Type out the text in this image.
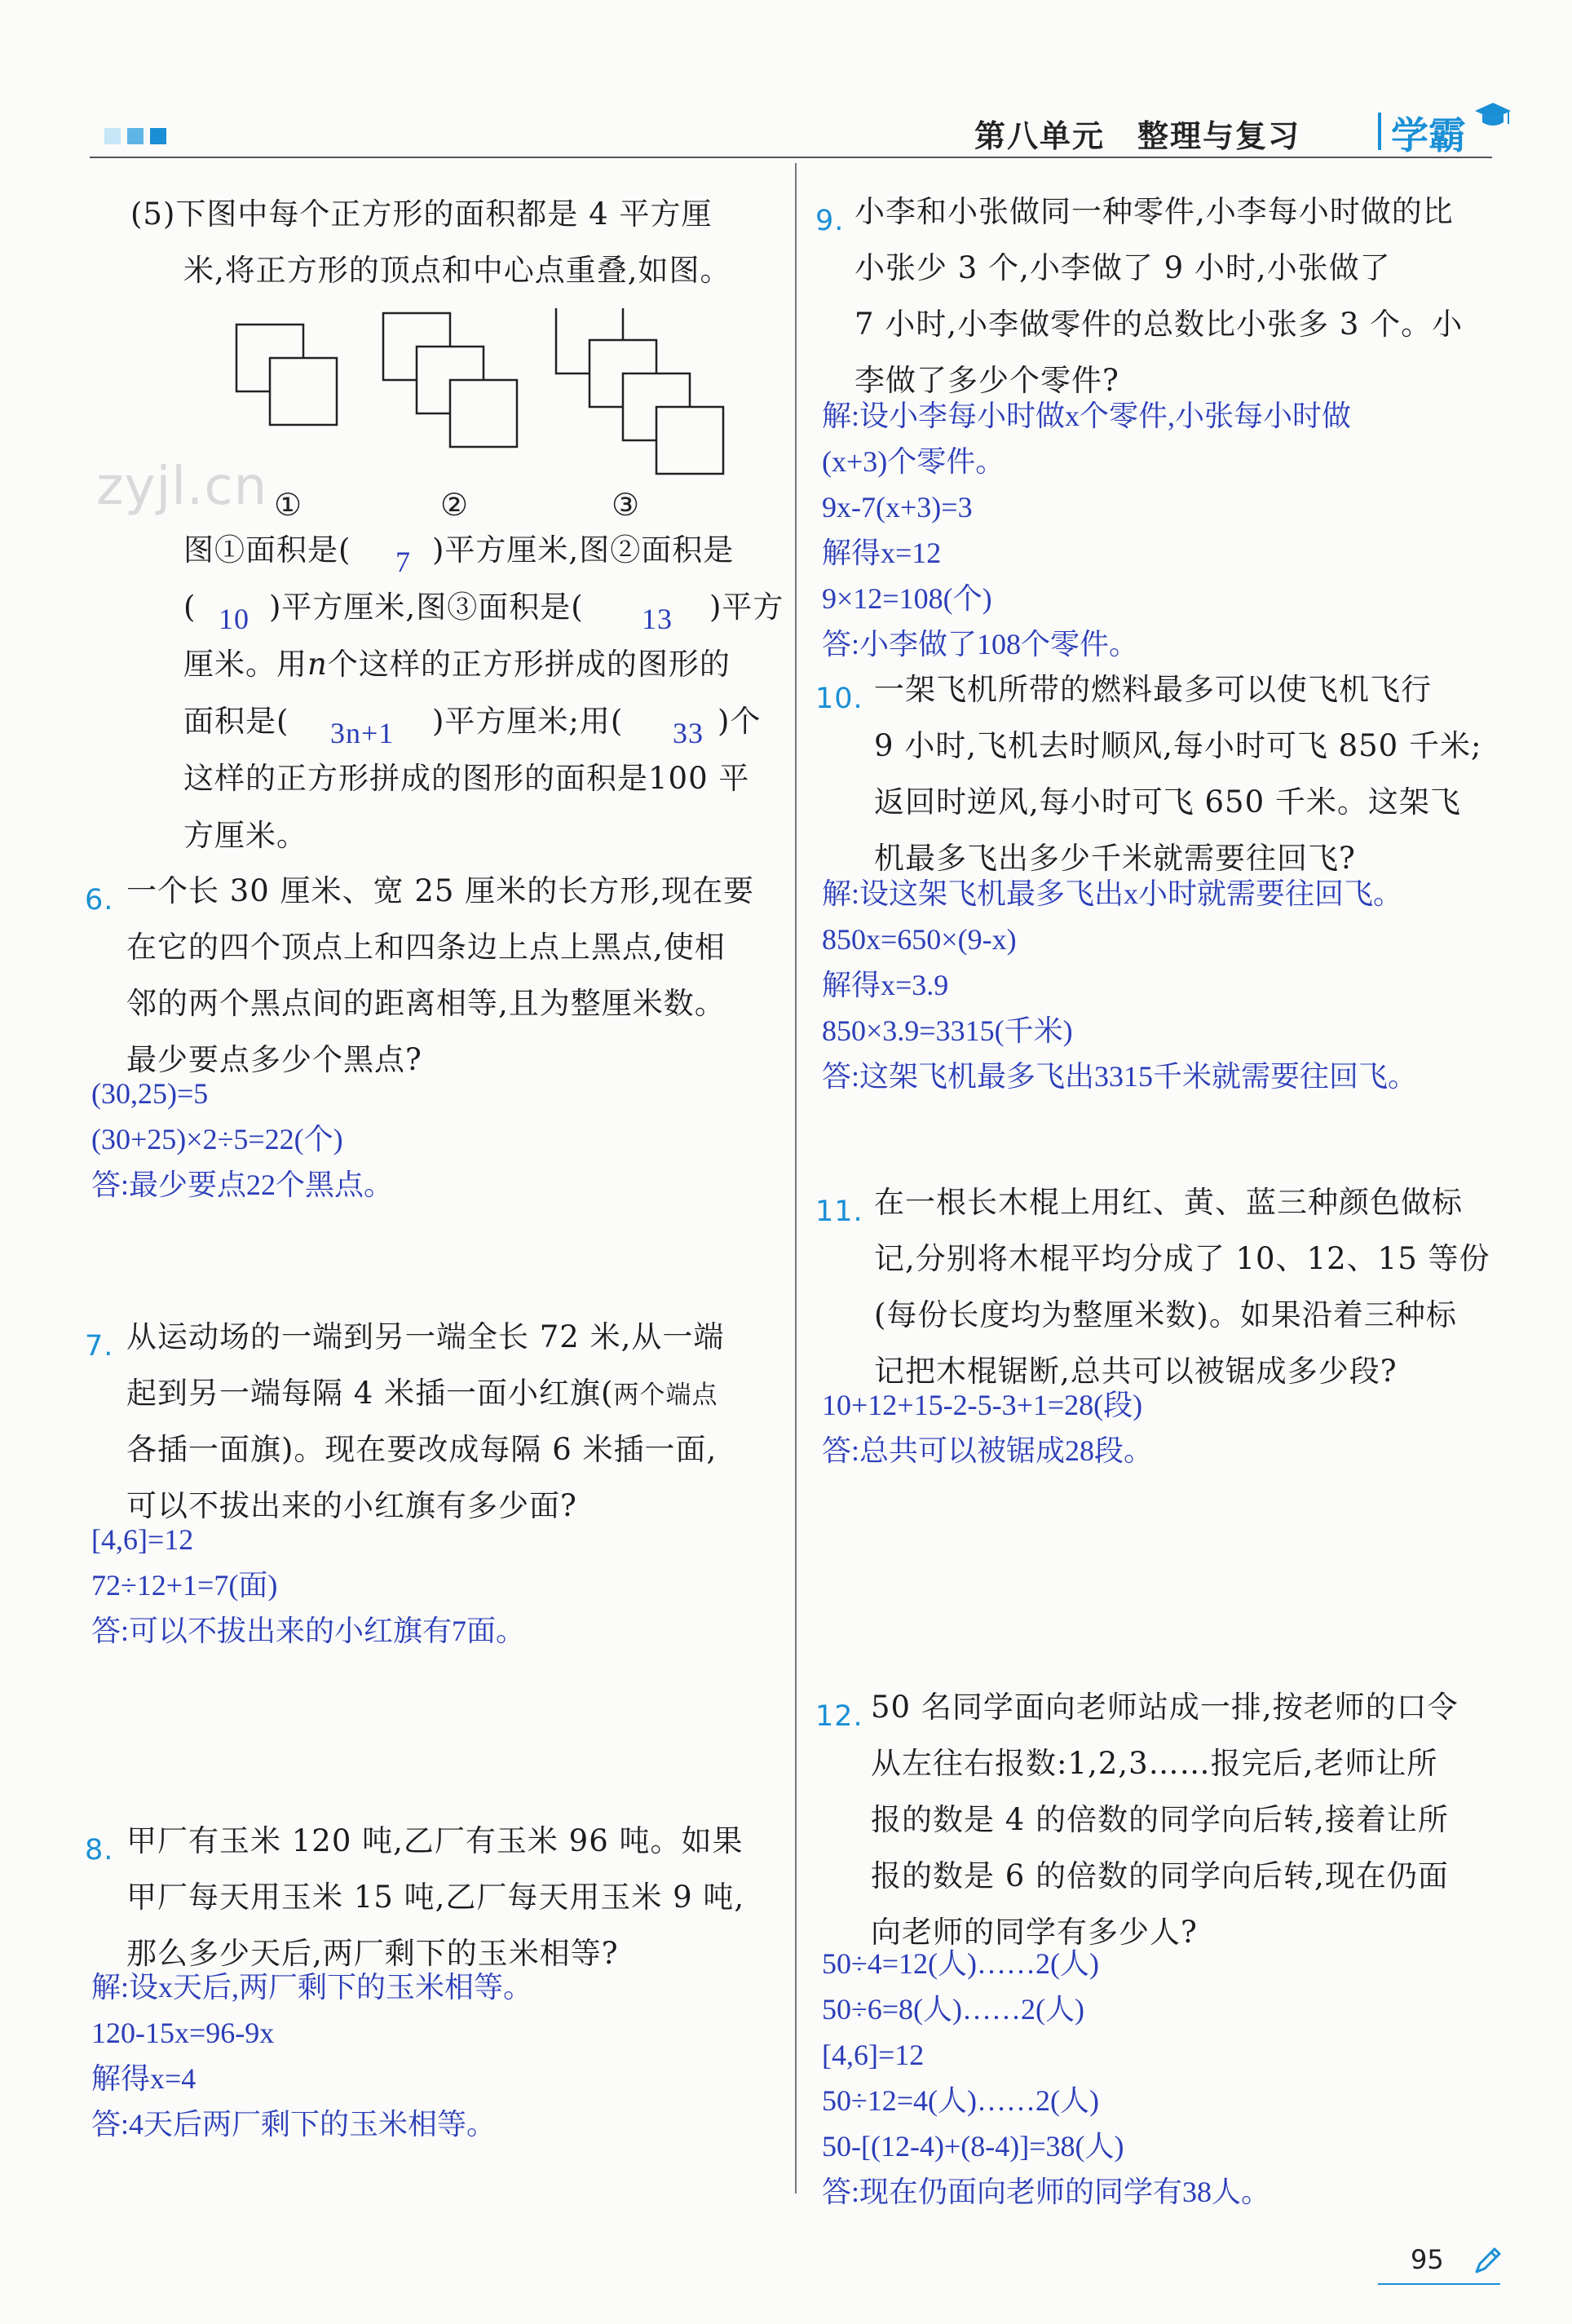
第八单元 整理与复习 学霸
zyjl.cn
(5)下图中每个正方形的面积都是 4 平方厘
米,将正方形的顶点和中心点重叠,如图。
①	②	③
图①面积是(	)平方厘米,图②面积是
( )平方厘米,图③面积是(	)平方
厘米。用n个这样的正方形拼成的图形的
面积是(	)平方厘米;用(	)个
这样的正方形拼成的图形的面积是100 平
方厘米。
7
10	13
3n+1	33
6. 一个长 30 厘米、宽 25 厘米的长方形,现在要
在它的四个顶点上和四条边上点上黑点,使相
邻的两个黑点间的距离相等,且为整厘米数。
最少要点多少个黑点?
(30,25)=5
(30+25)×2÷5=22(个)
答:最少要点22个黑点。
7. 从运动场的一端到另一端全长 72 米,从一端
起到另一端每隔 4 米插一面小红旗(两个端点
各插一面旗)。现在要改成每隔 6 米插一面,
可以不拔出来的小红旗有多少面?
[4,6]=12
72÷12+1=7(面)
答:可以不拔出来的小红旗有7面。
8. 甲厂有玉米 120 吨,乙厂有玉米 96 吨。如果
甲厂每天用玉米 15 吨,乙厂每天用玉米 9 吨,
那么多少天后,两厂剩下的玉米相等?
解:设x天后,两厂剩下的玉米相等。
120-15x=96-9x
解得x=4
答:4天后两厂剩下的玉米相等。
9. 小李和小张做同一种零件,小李每小时做的比
小张少 3 个,小李做了 9 小时,小张做了
7 小时,小李做零件的总数比小张多 3 个。小
李做了多少个零件?
解:设小李每小时做x个零件,小张每小时做
(x+3)个零件。
9x-7(x+3)=3
解得x=12
9×12=108(个)
答:小李做了108个零件。
10. 一架飞机所带的燃料最多可以使飞机飞行
9 小时,飞机去时顺风,每小时可飞 850 千米;
返回时逆风,每小时可飞 650 千米。这架飞
机最多飞出多少千米就需要往回飞?
解:设这架飞机最多飞出x小时就需要往回飞。
850x=650×(9-x)
解得x=3.9
850×3.9=3315(千米)
答:这架飞机最多飞出3315千米就需要往回飞。
11. 在一根长木棍上用红、黄、蓝三种颜色做标
记,分别将木棍平均分成了 10、12、15 等份
(每份长度均为整厘米数)。如果沿着三种标
记把木棍锯断,总共可以被锯成多少段?
10+12+15-2-5-3+1=28(段)
答:总共可以被锯成28段。
12. 50 名同学面向老师站成一排,按老师的口令
从左往右报数:1,2,3……报完后,老师让所
报的数是 4 的倍数的同学向后转,接着让所
报的数是 6 的倍数的同学向后转,现在仍面
向老师的同学有多少人?
50÷4=12(人)……2(人)
50÷6=8(人)……2(人)
[4,6]=12
50÷12=4(人)……2(人)
50-[(12-4)+(8-4)]=38(人)
答:现在仍面向老师的同学有38人。
95
